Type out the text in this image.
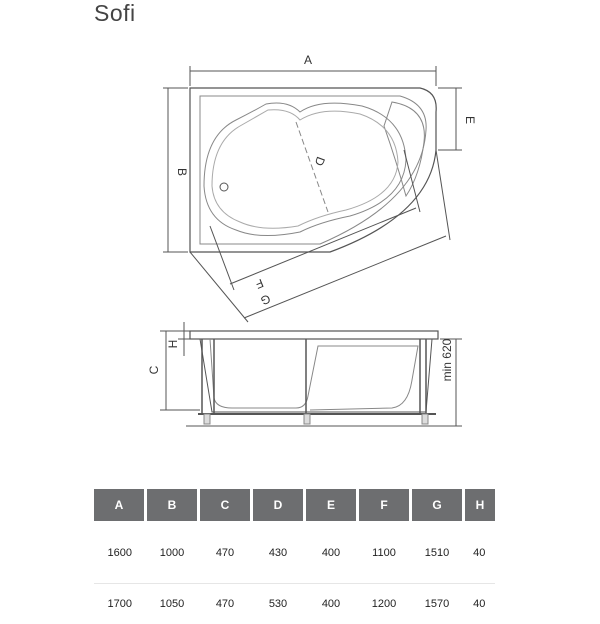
Sofi
A
B
E
D
F
G
C
H	min 620
A	B	C	D	E	F	G	H
1600	1000	470	430	400	1100	1510	40
1700	1050	470	530	400	1200	1570	40
